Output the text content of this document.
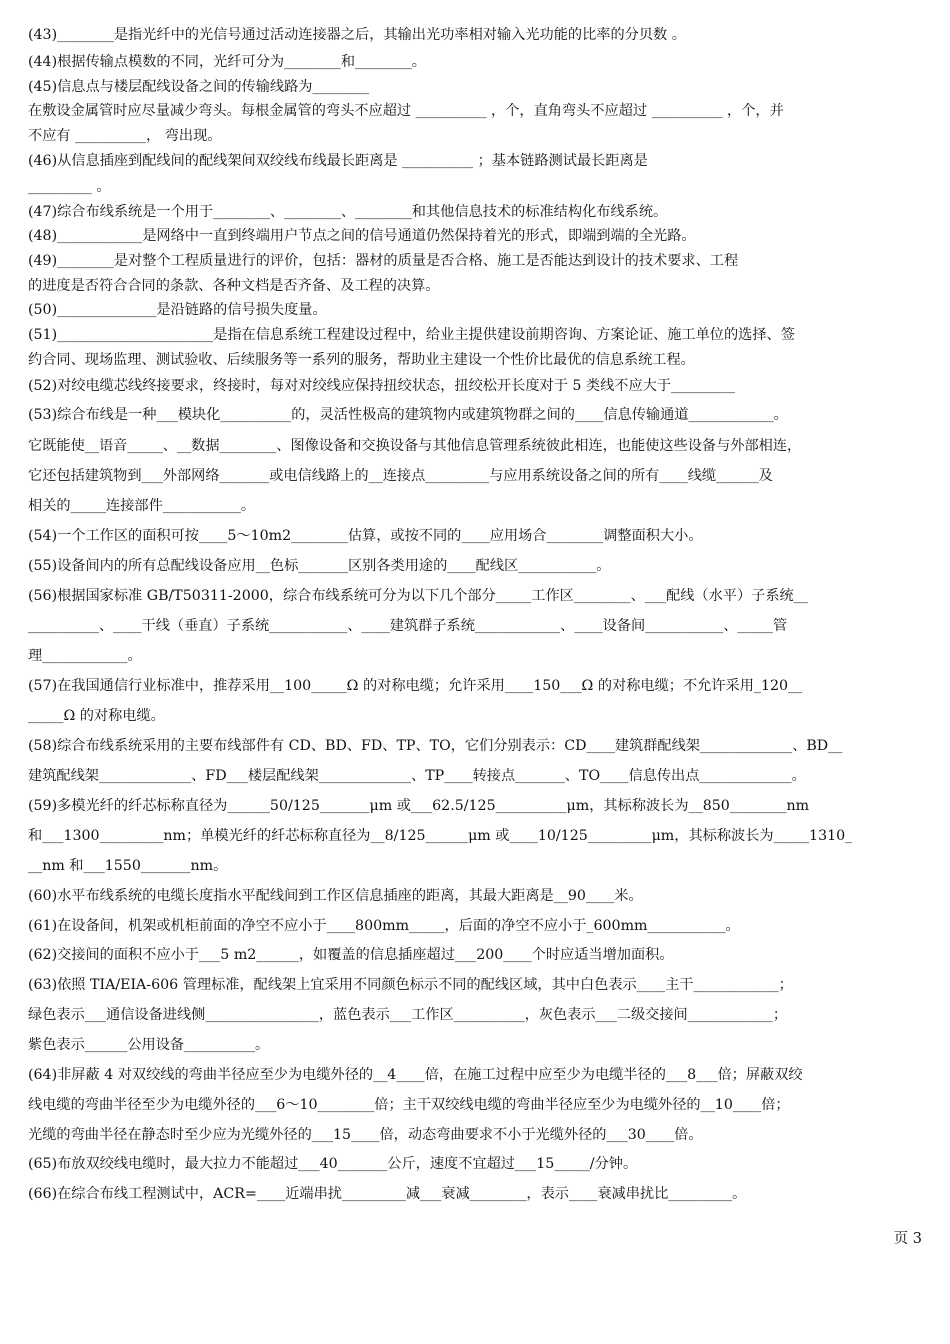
(43)________是指光纤中的光信号通过活动连接器之后，其输出光功率相对输入光功能的比率的分贝数 。
(44)根据传输点模数的不同，光纤可分为________和________。
(45)信息点与楼层配线设备之间的传输线路为________
在敷设金属管时应尽量减少弯头。每根金属管的弯头不应超过 __________ ，个，直角弯头不应超过 __________ ，个，并
不应有 __________， 弯出现。
(46)从信息插座到配线间的配线架间双绞线布线最长距离是 __________ ；基本链路测试最长距离是
_________ 。
(47)综合布线系统是一个用于________、________、________和其他信息技术的标准结构化布线系统。
(48)____________是网络中一直到终端用户节点之间的信号通道仍然保持着光的形式，即端到端的全光路。
(49)________是对整个工程质量进行的评价，包括：器材的质量是否合格、施工是否能达到设计的技术要求、工程
的进度是否符合合同的条款、各种文档是否齐备、及工程的决算。
(50)______________是沿链路的信号损失度量。
(51)______________________是指在信息系统工程建设过程中，给业主提供建设前期咨询、方案论证、施工单位的选择、签
约合同、现场监理、测试验收、后续服务等一系列的服务，帮助业主建设一个性价比最优的信息系统工程。
(52)对绞电缆芯线终接要求，终接时，每对对绞线应保持扭绞状态，扭绞松开长度对于 5 类线不应大于_________
(53)综合布线是一种___模块化__________的，灵活性极高的建筑物内或建筑物群之间的____信息传输通道____________。
它既能使__语音_____、__数据________、图像设备和交换设备与其他信息管理系统彼此相连，也能使这些设备与外部相连，
它还包括建筑物到___外部网络_______或电信线路上的__连接点_________与应用系统设备之间的所有____线缆______及
相关的_____连接部件___________。
(54)一个工作区的面积可按____5～10m2________估算，或按不同的____应用场合________调整面积大小。
(55)设备间内的所有总配线设备应用__色标_______区别各类用途的____配线区___________。
(56)根据国家标准 GB/T50311-2000，综合布线系统可分为以下几个部分_____工作区________、___配线（水平）子系统__
__________、____干线（垂直）子系统___________、____建筑群子系统____________、____设备间___________、_____管
理____________。
(57)在我国通信行业标准中，推荐采用__100_____Ω 的对称电缆；允许采用____150___Ω 的对称电缆；不允许采用_120__
_____Ω 的对称电缆。
(58)综合布线系统采用的主要布线部件有 CD、BD、FD、TP、TO，它们分别表示：CD____建筑群配线架_____________、BD__
建筑配线架_____________、FD___楼层配线架_____________、TP____转接点_______、TO____信息传出点_____________。
(59)多模光纤的纤芯标称直径为______50/125_______μm 或___62.5/125__________μm，其标称波长为__850________nm
和___1300_________nm；单模光纤的纤芯标称直径为__8/125______μm 或____10/125_________μm，其标称波长为_____1310_
__nm 和___1550_______nm。
(60)水平布线系统的电缆长度指水平配线间到工作区信息插座的距离，其最大距离是__90____米。
(61)在设备间，机架或机柜前面的净空不应小于____800mm_____，后面的净空不应小于_600mm___________。
(62)交接间的面积不应小于___5 m2______，如覆盖的信息插座超过___200____个时应适当增加面积。
(63)依照 TIA/EIA-606 管理标准，配线架上宜采用不同颜色标示不同的配线区域，其中白色表示____主干____________；
绿色表示___通信设备进线侧________________，蓝色表示___工作区__________，灰色表示___二级交接间____________；
紫色表示______公用设备__________。
(64)非屏蔽 4 对双绞线的弯曲半径应至少为电缆外径的__4____倍，在施工过程中应至少为电缆半径的___8___倍；屏蔽双绞
线电缆的弯曲半径至少为电缆外径的___6～10________倍；主干双绞线电缆的弯曲半径应至少为电缆外径的__10____倍；
光缆的弯曲半径在静态时至少应为光缆外径的___15____倍，动态弯曲要求不小于光缆外径的___30____倍。
(65)布放双绞线电缆时，最大拉力不能超过___40_______公斤，速度不宜超过___15_____/分钟。
(66)在综合布线工程测试中，ACR=____近端串扰_________减___衰减________，表示____衰减串扰比_________。
页 3
